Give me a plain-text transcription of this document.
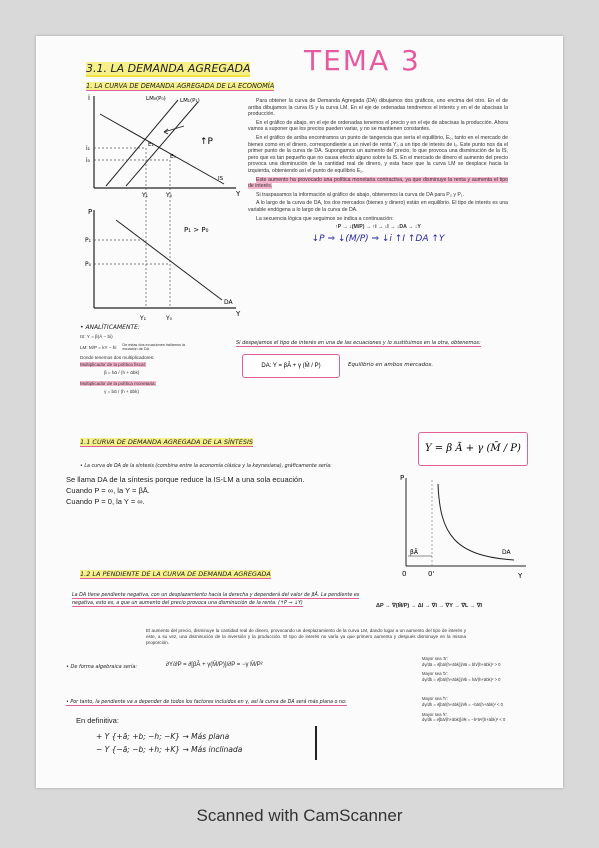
3.1. LA DEMANDA AGREGADA TEMA 3
1. LA CURVA DE DEMANDA AGREGADA DE LA ECONOMÍA
i
Y
LM₀(P₀)	LM₁(P₁)
IS
E₀
E₁
i₁
i₀
Y₁	Y₀
↑P
P
Y
P₁
P₀
DA
P₁ > P₀
Y₁	Y₀

Para obtener la curva de Demanda Agregada (DA) dibujamos dos gráficos, uno encima del otro. En el de arriba dibujamos la curva IS y la curva LM. En el eje de ordenadas tendremos el interés y en el de abscisas la producción.

En el gráfico de abajo, en el eje de ordenadas tenemos el precio y en el eje de abscisas la producción. Ahora vamos a suponer que los precios pueden variar, y no se mantienen constantes.

En el gráfico de arriba encontramos un punto de tangencia que sería el equilibrio, E₀, tanto en el mercado de bienes como en el dinero, correspondiente a un nivel de renta Y₀ a un tipo de interés de i₀. Este punto nos da el primer punto de la curva de DA. Supongamos un aumento del precio, lo que provoca una disminución de la IS, pero que es tan pequeño que no causa efecto alguno sobre la IS. En el mercado de dinero el aumento del precio provoca una disminución de la cantidad real de dinero, y esta hace que la curva LM se desplace hacia la izquierda, obteniendo así el punto de equilibrio E₁.

Este aumento ha provocado una política monetaria contractiva, ya que disminuye la renta y aumenta el tipo de interés.

Si traspasamos la información al gráfico de abajo, obtenemos la curva de DA para P₀ y P₁.

A lo largo de la curva de DA, los dos mercados (bienes y dinero) están en equilibrio. El tipo de interés es una variable endógena a lo largo de la curva de DA.

La secuencia lógica que seguimos se indica a continuación:

↑P → ↓(M/P) → ↑i → ↓I → ↓DA → ↓Y
↓P ⇒ ↓(M/P) ⇒ ↓i ↑I ↑DA ↑Y
• ANALÍTICAMENTE:
IS: Y = β(Ā − bi)
LM: M/P = kY − hi De estas dos ecuaciones hallamos la ecuación de DA
Donde tenemos dos multiplicadores:
Multiplicador de la política fiscal:
β = hᾱ / (h + ᾱbk)
Multiplicador de la política monetaria:
γ = bᾱ / (h + ᾱbk)
Si despejamos el tipo de interés en una de las ecuaciones y lo sustituimos en la otra, obtenemos:
DA: Y = βĀ + γ (M̄ / P)	Equilibrio en ambos mercados.
1.1 CURVA DE DEMANDA AGREGADA DE LA SÍNTESIS
Y = β Ā + γ (M̄ / P)
• La curva de DA de la síntesis (combina entre la economía clásica y la keynesiana), gráficamente sería:
Se llama DA de la síntesis porque reduce la IS-LM a una sola ecuación.
Cuando P = ∞, la Y = βĀ.
Cuando P = 0, la Y = ∞.
P
Y
0	0'
βĀ	DA
1.2 LA PENDIENTE DE LA CURVA DE DEMANDA AGREGADA
La DA tiene pendiente negativa, con un desplazamiento hacia la derecha y dependerá del valor de βĀ. La pendiente es negativa, esto es, a que un aumento del precio provoca una disminución de la renta. (↑P ⇒ ↓Y)	ΔP → ∇(M̄/P) → ΔI → ∇I → ∇Y → ∇L → ∇I
El aumento del precio, disminuye la cantidad real de dinero, provocando un desplazamiento de la curva LM, dando lugar a un aumento del tipo de interés y este, a su vez, una disminución de la inversión y la producción. El tipo de interés no varía ya que primero aumenta y después disminuye en la misma proporción.
• De forma algebraica sería:	∂Y/∂P = ∂[βĀ + γ(M̄/P)]/∂P = −γ M̄/P²
• Por tanto, la pendiente va a depender de todos los factores incluidos en γ, así la curva de DA será más plana o no:
En definitiva:
+ Y {+ā; +b; −h; −K} → Más plana
− Y {−ā; −b; +h; +K} → Más inclinada
Mayor sea 'ā':
dγ/dā = ∂[bā/(h+ābk)]/∂ā = bh/(h+ābk)² > 0
Mayor sea 'b':
dγ/db = ∂[bā/(h+ābk)]/∂b = hā/(h+ābk)² > 0
Mayor sea 'h':
dγ/dh = ∂[bā/(h+ābk)]/∂h = −bā/(h+ābk)² < 0
Mayor sea 'k':
dγ/dk = ∂[bā/(h+ābk)]/∂k = −b²ā²/(h+ābk)² < 0
Scanned with CamScanner
